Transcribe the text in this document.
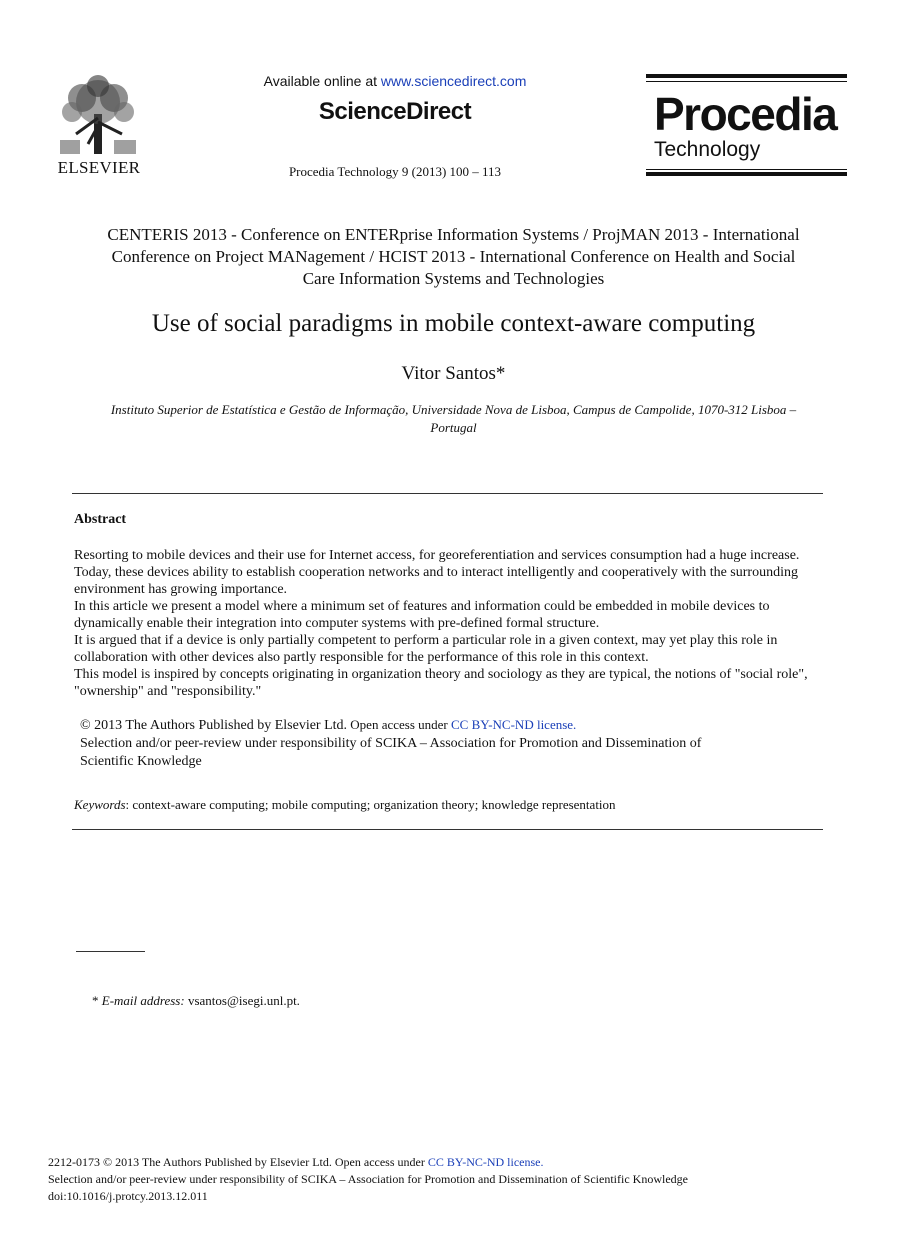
ELSEVIER
Available online at www.sciencedirect.com
ScienceDirect
Procedia Technology 9 (2013) 100 – 113
Procedia
Technology
CENTERIS 2013 - Conference on ENTERprise Information Systems / ProjMAN 2013 - International
Conference on Project MANagement / HCIST 2013 - International Conference on Health and Social
Care Information Systems and Technologies
Use of social paradigms in mobile context-aware computing
Vitor Santos*
Instituto Superior de Estatística e Gestão de Informação, Universidade Nova de Lisboa, Campus de Campolide, 1070-312 Lisboa –
Portugal
Abstract

Resorting to mobile devices and their use for Internet access, for georeferentiation and services consumption had a huge increase. Today, these devices ability to establish cooperation networks and to interact intelligently and cooperatively with the surrounding environment has growing importance.

In this article we present a model where a minimum set of features and information could be embedded in mobile devices to dynamically enable their integration into computer systems with pre-defined formal structure.

It is argued that if a device is only partially competent to perform a particular role in a given context, may yet play this role in collaboration with other devices also partly responsible for the performance of this role in this context.

This model is inspired by concepts originating in organization theory and sociology as they are typical, the notions of "social role", "ownership" and "responsibility."

© 2013 The Authors Published by Elsevier Ltd. Open access under CC BY-NC-ND license.

Selection and/or peer-review under responsibility of SCIKA – Association for Promotion and Dissemination of

Scientific Knowledge

Keywords: context-aware computing; mobile computing; organization theory; knowledge representation
* E-mail address: vsantos@isegi.unl.pt.

2212-0173 © 2013 The Authors Published by Elsevier Ltd. Open access under CC BY-NC-ND license.

Selection and/or peer-review under responsibility of SCIKA – Association for Promotion and Dissemination of Scientific Knowledge

doi:10.1016/j.protcy.2013.12.011
